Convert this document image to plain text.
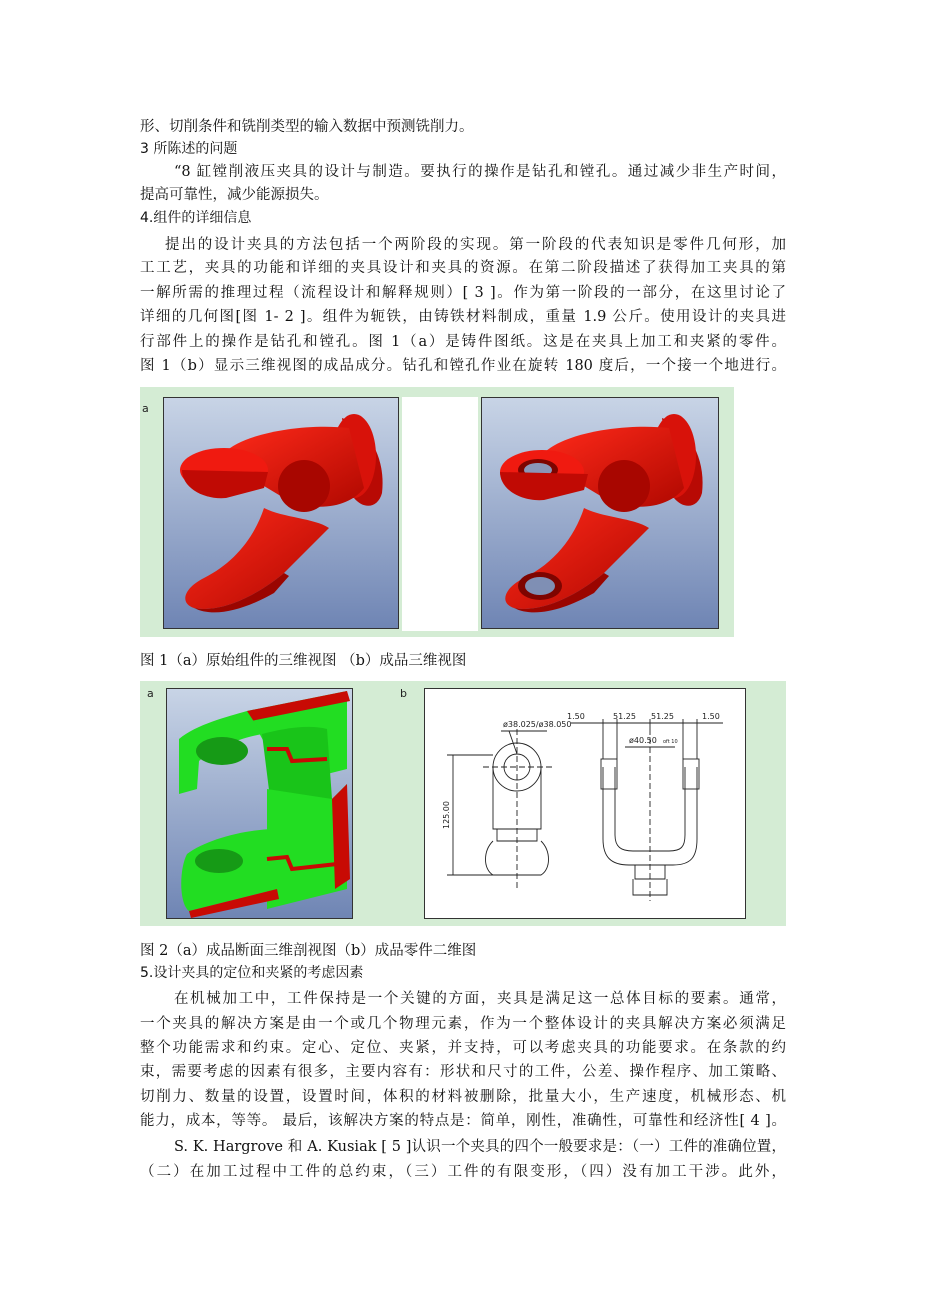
形、切削条件和铣削类型的输入数据中预测铣削力。
3 所陈述的问题
“8 缸镗削液压夹具的设计与制造。要执行的操作是钻孔和镗孔。通过减少非生产时间，
提高可靠性，减少能源损失。
4.组件的详细信息
提出的设计夹具的方法包括一个两阶段的实现。第一阶段的代表知识是零件几何形，加
工工艺，夹具的功能和详细的夹具设计和夹具的资源。在第二阶段描述了获得加工夹具的第
一解所需的推理过程（流程设计和解释规则）[ 3 ]。作为第一阶段的一部分，在这里讨论了
详细的几何图[图 1- 2 ]。组件为轭铁，由铸铁材料制成，重量 1.9 公斤。使用设计的夹具进
行部件上的操作是钻孔和镗孔。图 1（a）是铸件图纸。这是在夹具上加工和夹紧的零件。
图 1（b）显示三维视图的成品成分。钻孔和镗孔作业在旋转 180 度后，一个接一个地进行。
a
图 1（a）原始组件的三维视图 （b）成品三维视图
a	b
1.50	51.25 51.25	1.50
ø38.025/ø38.050
ø40.50 oft 10
125.00
图 2（a）成品断面三维剖视图（b）成品零件二维图
5.设计夹具的定位和夹紧的考虑因素
在机械加工中，工件保持是一个关键的方面，夹具是满足这一总体目标的要素。通常，
一个夹具的解决方案是由一个或几个物理元素，作为一个整体设计的夹具解决方案必须满足
整个功能需求和约束。定心、定位、夹紧，并支持，可以考虑夹具的功能要求。在条款的约
束，需要考虑的因素有很多，主要内容有：形状和尺寸的工件，公差、操作程序、加工策略、
切削力、数量的设置，设置时间，体积的材料被删除，批量大小，生产速度，机械形态、机
能力，成本，等等。 最后，该解决方案的特点是：简单，刚性，准确性，可靠性和经济性[ 4 ]。
S. K. Hargrove 和 A. Kusiak [ 5 ]认识一个夹具的四个一般要求是：（一）工件的准确位置，
（二）在加工过程中工件的总约束，（三）工件的有限变形，（四）没有加工干涉。此外，
